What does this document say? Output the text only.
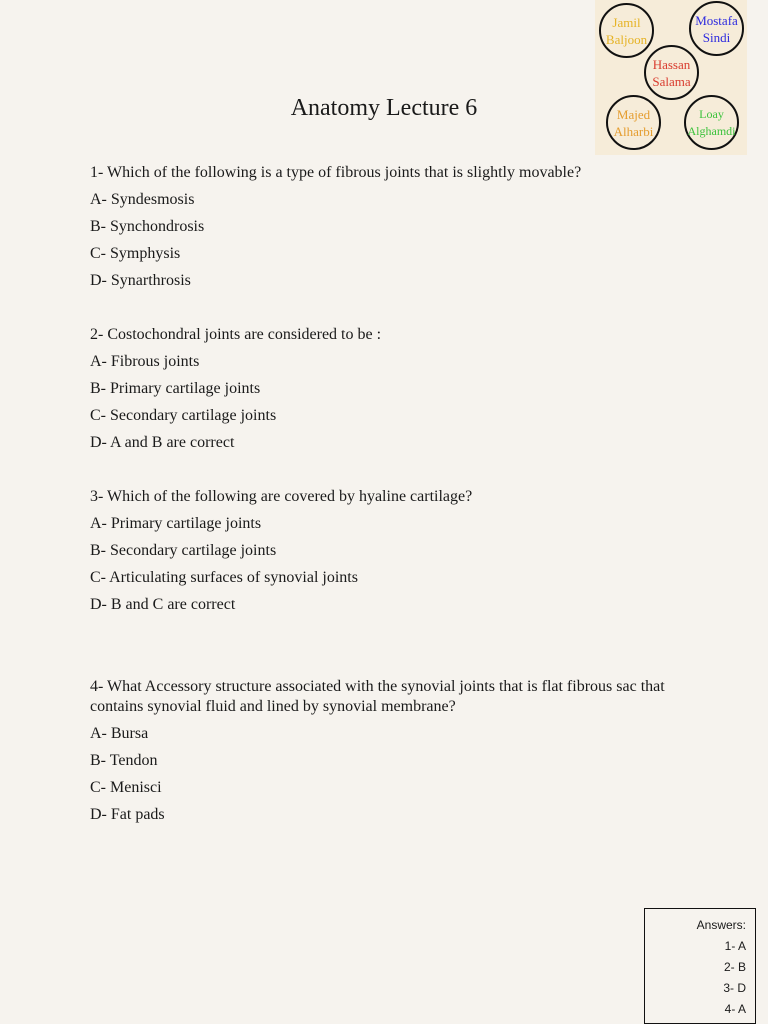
Jamil
Baljoon
Mostafa
Sindi
Hassan
Salama
Majed
Alharbi
Loay
Alghamdi
Anatomy Lecture 6

1- Which of the following is a type of fibrous joints that is slightly movable?

A- Syndesmosis

B- Synchondrosis

C- Symphysis

D- Synarthrosis

2- Costochondral joints are considered to be :

A- Fibrous joints

B- Primary cartilage joints

C- Secondary cartilage joints

D- A and B are correct

3- Which of the following are covered by hyaline cartilage?

A- Primary cartilage joints

B- Secondary cartilage joints

C- Articulating surfaces of synovial joints

D- B and C are correct

4- What Accessory structure associated with the synovial joints that is flat fibrous sac that contains synovial fluid and lined by synovial membrane?

A- Bursa

B- Tendon

C- Menisci

D- Fat pads

Answers:
1- A
2- B
3- D
4- A
